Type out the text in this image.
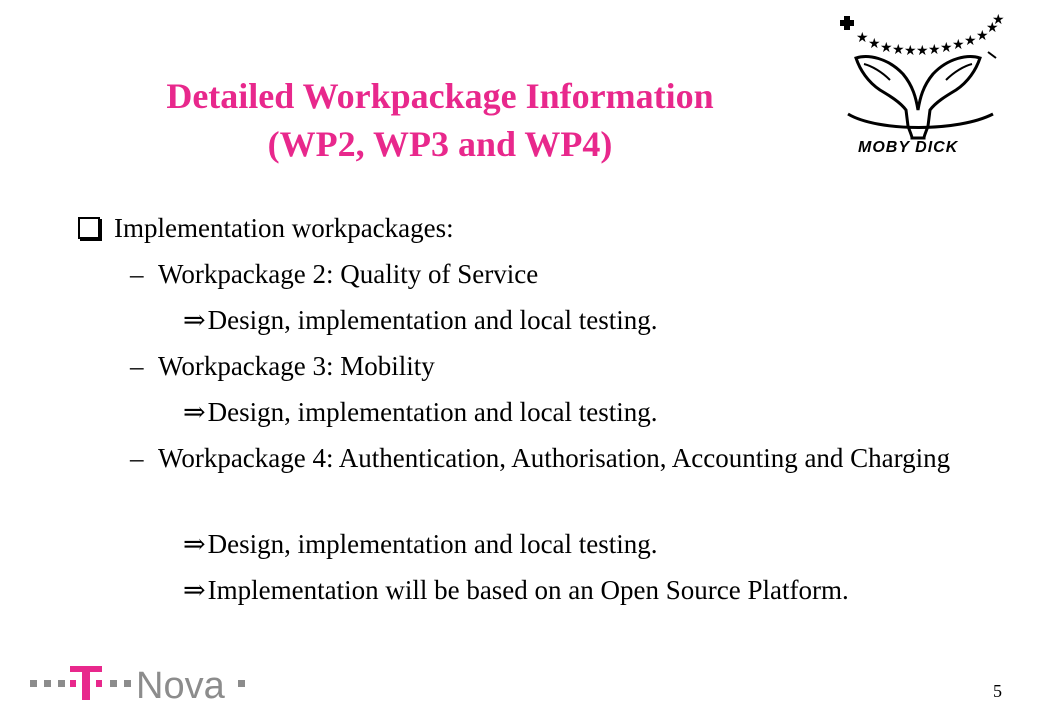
Detailed Workpackage Information
(WP2, WP3 and WP4)
★ ★ ★ ★ ★ ★ ★ ★ ★ ★ ★
★
★
MOBY DICK
Implementation workpackages:
– Workpackage 2: Quality of Service
⇒Design, implementation and local testing.
– Workpackage 3: Mobility
⇒Design, implementation and local testing.
– Workpackage 4: Authentication, Authorisation, Accounting and Charging
⇒Design, implementation and local testing.
⇒Implementation will be based on an Open Source Platform.
Nova	5
